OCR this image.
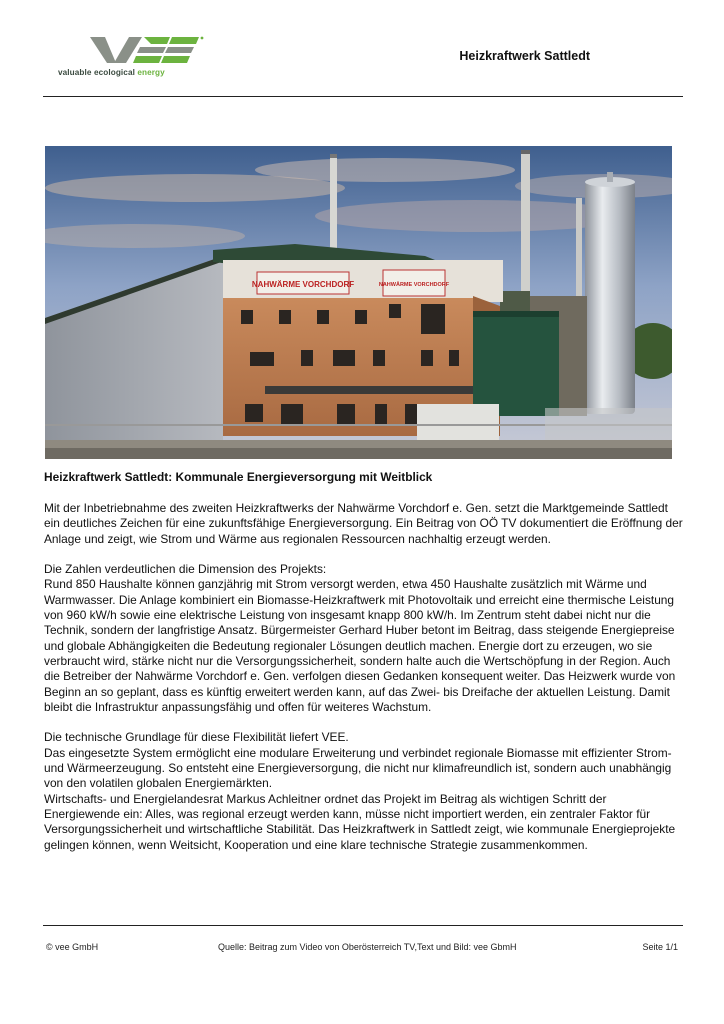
valuable ecological energy
Heizkraftwerk Sattledt
NAHWÄRME VORCHDORF	NAHWÄRME VORCHDORF
Heizkraftwerk Sattledt: Kommunale Energieversorgung mit Weitblick

Mit der Inbetriebnahme des zweiten Heizkraftwerks der Nahwärme Vorchdorf e. Gen. setzt die Marktgemeinde Sattledt ein deutliches Zeichen für eine zukunftsfähige Energieversorgung. Ein Beitrag von OÖ TV dokumentiert die Eröffnung der Anlage und zeigt, wie Strom und Wärme aus regionalen Ressourcen nachhaltig erzeugt werden.

Die Zahlen verdeutlichen die Dimension des Projekts:

Rund 850 Haushalte können ganzjährig mit Strom versorgt werden, etwa 450 Haushalte zusätzlich mit Wärme und Warmwasser. Die Anlage kombiniert ein Biomasse-Heizkraftwerk mit Photovoltaik und erreicht eine thermische Leistung von 960 kW/h sowie eine elektrische Leistung von insgesamt knapp 800 kW/h. Im Zentrum steht dabei nicht nur die Technik, sondern der langfristige Ansatz. Bürgermeister Gerhard Huber betont im Beitrag, dass steigende Energiepreise und globale Abhängigkeiten die Bedeutung regionaler Lösungen deutlich machen. Energie dort zu erzeugen, wo sie verbraucht wird, stärke nicht nur die Versorgungssicherheit, sondern halte auch die Wertschöpfung in der Region. Auch die Betreiber der Nahwärme Vorchdorf e. Gen. verfolgen diesen Gedanken konsequent weiter. Das Heizwerk wurde von Beginn an so geplant, dass es künftig erweitert werden kann, auf das Zwei- bis Dreifache der aktuellen Leistung. Damit bleibt die Infrastruktur anpassungsfähig und offen für weiteres Wachstum.

Die technische Grundlage für diese Flexibilität liefert VEE.

Das eingesetzte System ermöglicht eine modulare Erweiterung und verbindet regionale Biomasse mit effizienter Strom- und Wärmeerzeugung. So entsteht eine Energieversorgung, die nicht nur klimafreundlich ist, sondern auch unabhängig von den volatilen globalen Energiemärkten.

Wirtschafts- und Energielandesrat Markus Achleitner ordnet das Projekt im Beitrag als wichtigen Schritt der Energiewende ein: Alles, was regional erzeugt werden kann, müsse nicht importiert werden, ein zentraler Faktor für Versorgungssicherheit und wirtschaftliche Stabilität. Das Heizkraftwerk in Sattledt zeigt, wie kommunale Energieprojekte gelingen können, wenn Weitsicht, Kooperation und eine klare technische Strategie zusammenkommen.

© vee GmbH	Quelle: Beitrag zum Video von Oberösterreich TV,Text und Bild: vee GbmH	Seite 1/1
